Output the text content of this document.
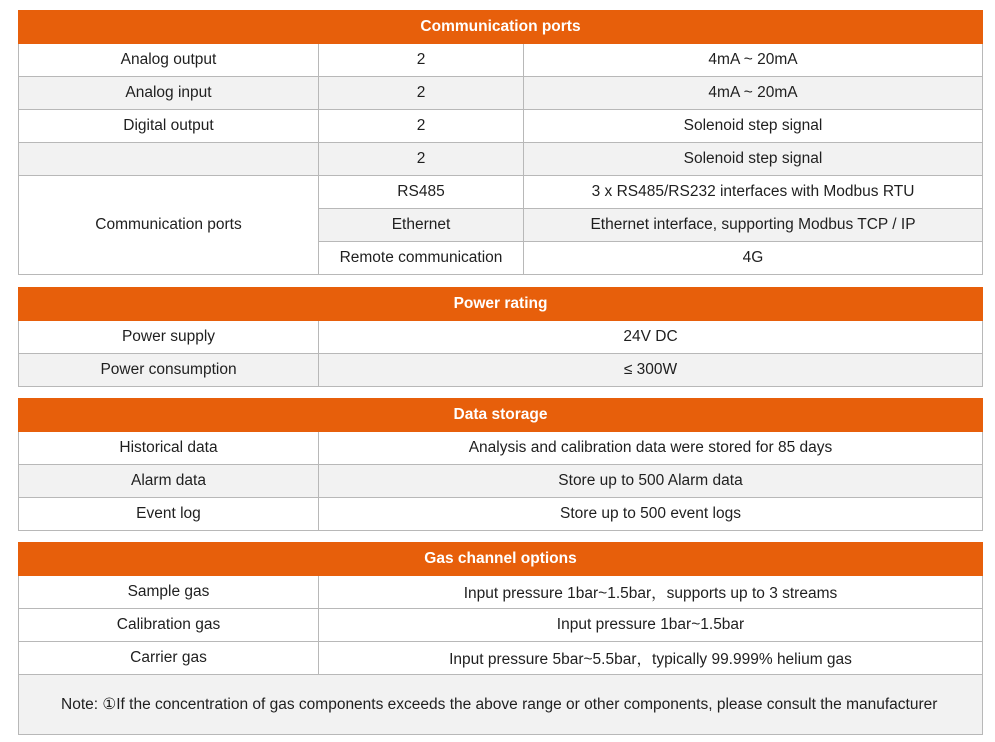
Communication ports		
Analog output	2	4mA ~ 20mA
Analog input	2	4mA ~ 20mA
Digital output	2	Solenoid step signal
	2	Solenoid step signal
Communication ports	RS485	3 x RS485/RS232 interfaces with Modbus RTU
	Ethernet	Ethernet interface, supporting Modbus TCP / IP
	Remote communication	4G
Power rating	
Power supply	24V DC
Power consumption	≤ 300W
Data storage	
Historical data	Analysis and calibration data were stored for 85 days
Alarm data	Store up to 500 Alarm data
Event log	Store up to 500 event logs
Gas channel options	
Sample gas	Input pressure 1bar~1.5bar，supports up to 3 streams
Calibration gas	Input pressure 1bar~1.5bar
Carrier gas	Input pressure 5bar~5.5bar，typically 99.999% helium gas
Note: ①If the concentration of gas components exceeds the above range or other components, please consult the manufacturer	
